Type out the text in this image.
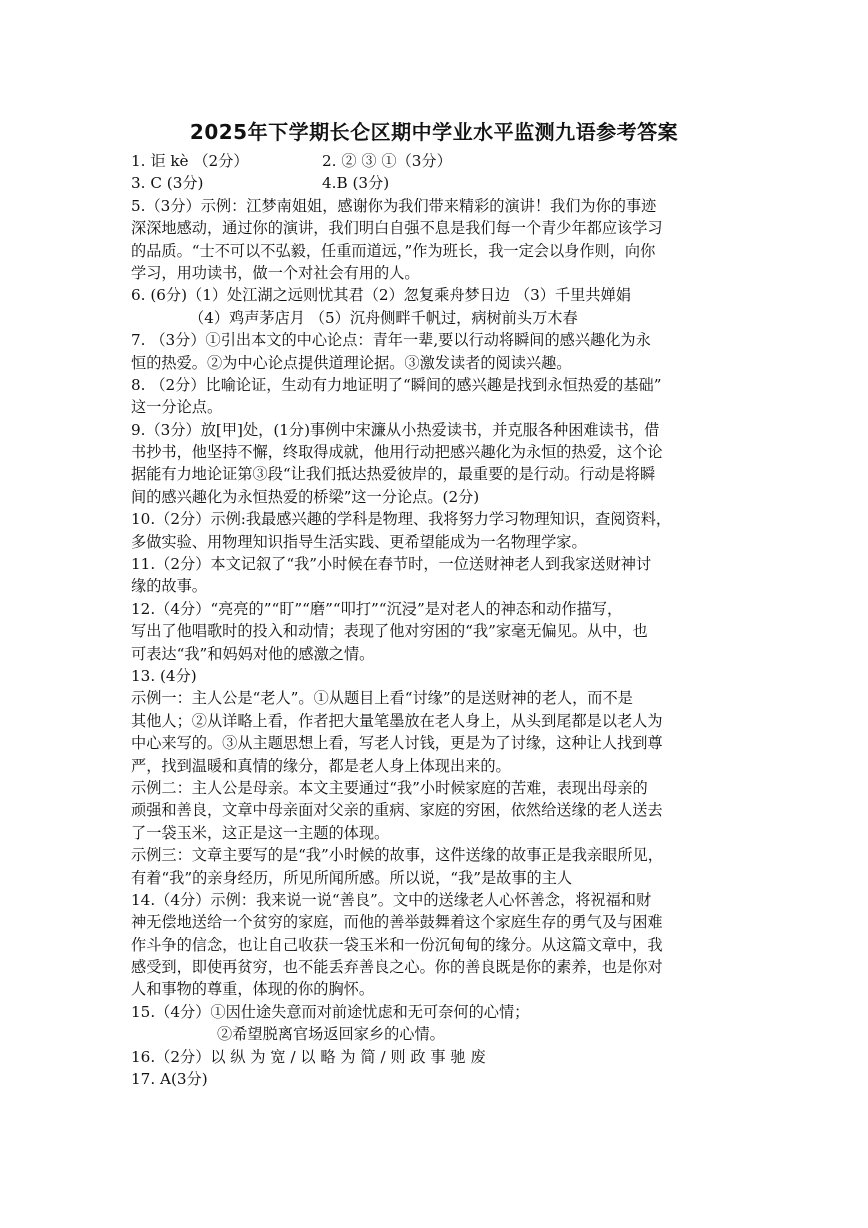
2025年下学期长仑区期中学业水平监测九语参考答案
1. 讵 kè （2分）	2. ② ③ ①（3分）
3. C (3分)	4.B (3分)
5.（3分）示例：江梦南姐姐，感谢你为我们带来精彩的演讲！我们为你的事迹
深深地感动，通过你的演讲，我们明白自强不息是我们每一个青少年都应该学习
的品质。“士不可以不弘毅，任重而道远，”作为班长，我一定会以身作则，向你
学习，用功读书，做一个对社会有用的人。
6. (6分)（1）处江湖之远则忧其君（2）忽复乘舟梦日边 （3）千里共婵娟
（4）鸡声茅店月 （5）沉舟侧畔千帆过，病树前头万木春
7. （3分）①引出本文的中心论点：青年一辈,要以行动将瞬间的感兴趣化为永
恒的热爱。②为中心论点提供道理论据。③激发读者的阅读兴趣。
8. （2分）比喻论证，生动有力地证明了“瞬间的感兴趣是找到永恒热爱的基础”
这一分论点。
9.（3分）放[甲]处，(1分)事例中宋濂从小热爱读书，并克服各种困难读书，借
书抄书，他坚持不懈，终取得成就，他用行动把感兴趣化为永恒的热爱，这个论
据能有力地论证第③段“让我们抵达热爱彼岸的，最重要的是行动。行动是将瞬
间的感兴趣化为永恒热爱的桥梁”这一分论点。(2分)
10.（2分）示例:我最感兴趣的学科是物理、我将努力学习物理知识，查阅资料，
多做实验、用物理知识指导生活实践、更希望能成为一名物理学家。
11.（2分）本文记叙了“我”小时候在春节时，一位送财神老人到我家送财神讨
缘的故事。
12.（4分）“亮亮的”“盯”“磨”“叩打”“沉浸”是对老人的神态和动作描写，
写出了他唱歌时的投入和动情；表现了他对穷困的“我”家毫无偏见。从中，也
可表达“我”和妈妈对他的感激之情。
13. (4分)
示例一：主人公是“老人”。①从题目上看“讨缘”的是送财神的老人，而不是
其他人；②从详略上看，作者把大量笔墨放在老人身上，从头到尾都是以老人为
中心来写的。③从主题思想上看，写老人讨钱，更是为了讨缘，这种让人找到尊
严，找到温暖和真情的缘分，都是老人身上体现出来的。
示例二：主人公是母亲。本文主要通过“我”小时候家庭的苦难，表现出母亲的
顽强和善良，文章中母亲面对父亲的重病、家庭的穷困，依然给送缘的老人送去
了一袋玉米，这正是这一主题的体现。
示例三：文章主要写的是“我”小时候的故事，这件送缘的故事正是我亲眼所见，
有着“我”的亲身经历，所见所闻所感。所以说，“我”是故事的主人
14.（4分）示例：我来说一说“善良”。文中的送缘老人心怀善念，将祝福和财
神无偿地送给一个贫穷的家庭，而他的善举鼓舞着这个家庭生存的勇气及与困难
作斗争的信念，也让自己收获一袋玉米和一份沉甸甸的缘分。从这篇文章中，我
感受到，即使再贫穷，也不能丢弃善良之心。你的善良既是你的素养，也是你对
人和事物的尊重，体现的你的胸怀。
15.（4分）①因仕途失意而对前途忧虑和无可奈何的心情；
②希望脱离官场返回家乡的心情。
16.（2分）以 纵 为 宽 / 以 略 为 简 / 则 政 事 驰 废
17. A(3分)
